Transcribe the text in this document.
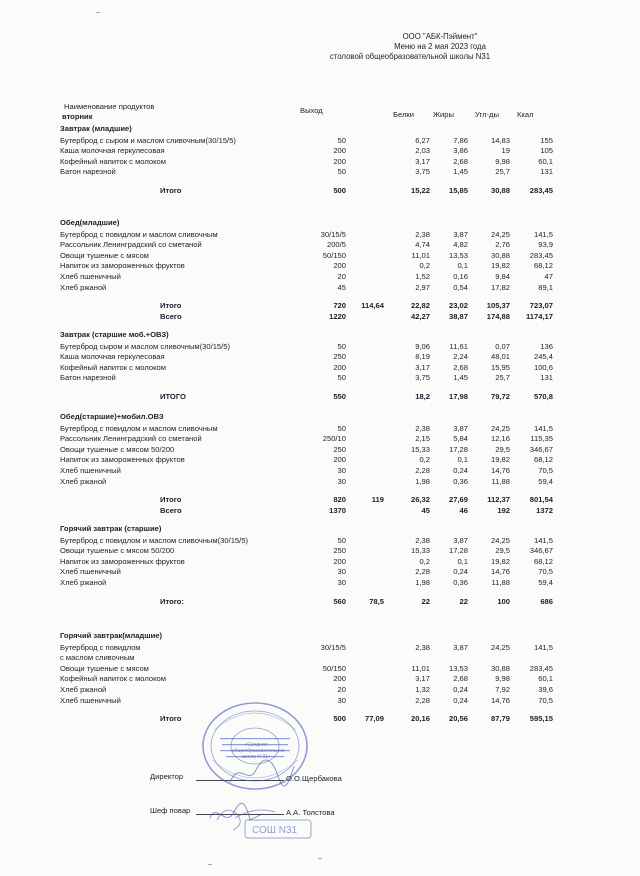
ООО "АБК-Пэймент"
Меню на 2 мая 2023 года
столовой общеобразовательной школы N31
Наименование продуктов
вторник
Выход	Белки	Жиры	Угл-ды Ккал
Завтрак (младшие)
Бутерброд с сыром и маслом сливочным(30/15/5)	50	6,27	7,86	14,83	155
Каша молочная геркулесовая	200	2,03	3,86	19	105
Кофейный напиток с молоком	200	3,17	2,68	9,98	60,1
Батон нарезной	50	3,75	1,45	25,7	131
Итого	500	15,22	15,85	30,88	283,45
Обед(младшие)
Бутерброд с повидлом и маслом сливочным	30/15/5	2,38	3,87	24,25	141,5
Рассольник Ленинградский со сметаной	200/5	4,74	4,82	2,76	93,9
Овощи тушеные с мясом	50/150	11,01	13,53	30,88	283,45
Напиток из замороженных фруктов	200	0,2	0,1	19,82	68,12
Хлеб пшеничный	20	1,52	0,16	9,84	47
Хлеб ржаной	45	2,97	0,54	17,82	89,1
Итого	720	114,64	22,82	23,02	105,37	723,07
Всего	1220	42,27	38,87	174,88	1174,17
Завтрак (старшие моб.+ОВЗ)
Бутерброд сыром и маслом сливочным(30/15/5)	50	9,06	11,61	0,07	136
Каша молочная геркулесовая	250	8,19	2,24	48,01	245,4
Кофейный напиток с молоком	200	3,17	2,68	15,95	100,6
Батон нарезной	50	3,75	1,45	25,7	131
ИТОГО	550	18,2	17,98	79,72	570,8
Обед(старшие)+мобил.ОВЗ
Бутерброд с повидлом и маслом сливочным	50	2,38	3,87	24,25	141,5
Рассольник Ленинградский со сметаной	250/10	2,15	5,84	12,16	115,35
Овощи тушеные с мясом 50/200	250	15,33	17,28	29,5	346,67
Напиток из замороженных фруктов	200	0,2	0,1	19,82	68,12
Хлеб пшеничный	30	2,28	0,24	14,76	70,5
Хлеб ржаной	30	1,98	0,36	11,88	59,4
Итого	820	119	26,32	27,69	112,37	801,54
Всего	1370	45	46	192	1372
Горячий завтрак (старшие)
Бутерброд с повидлом и маслом сливочным(30/15/5)	50	2,38	3,87	24,25	141,5
Овощи тушеные с мясом 50/200	250	15,33	17,28	29,5	346,67
Напиток из замороженных фруктов	200	0,2	0,1	19,82	68,12
Хлеб пшеничный	30	2,28	0,24	14,76	70,5
Хлеб ржаной	30	1,98	0,36	11,88	59,4
Итого:	560	78,5	22	22	100	686
Горячий завтрак(младшие)
Бутерброд с повидлом	30/15/5	2,38	3,87	24,25	141,5
с маслом сливочным
Овощи тушеные с мясом	50/150	11,01	13,53	30,88	283,45
Кофейный напиток с молоком	200	3,17	2,68	9,98	60,1
Хлеб ржаной	20	1,32	0,24	7,92	39,6
Хлеб пшеничный	30	2,28	0,24	14,76	70,5
Итого	500	77,09	20,16	20,56	87,79	595,15
Директор	О.О.Щербакова
Шеф повар	А.А. Толстова
«Средняя общеобразовательная школа N 31»
СОШ N31
